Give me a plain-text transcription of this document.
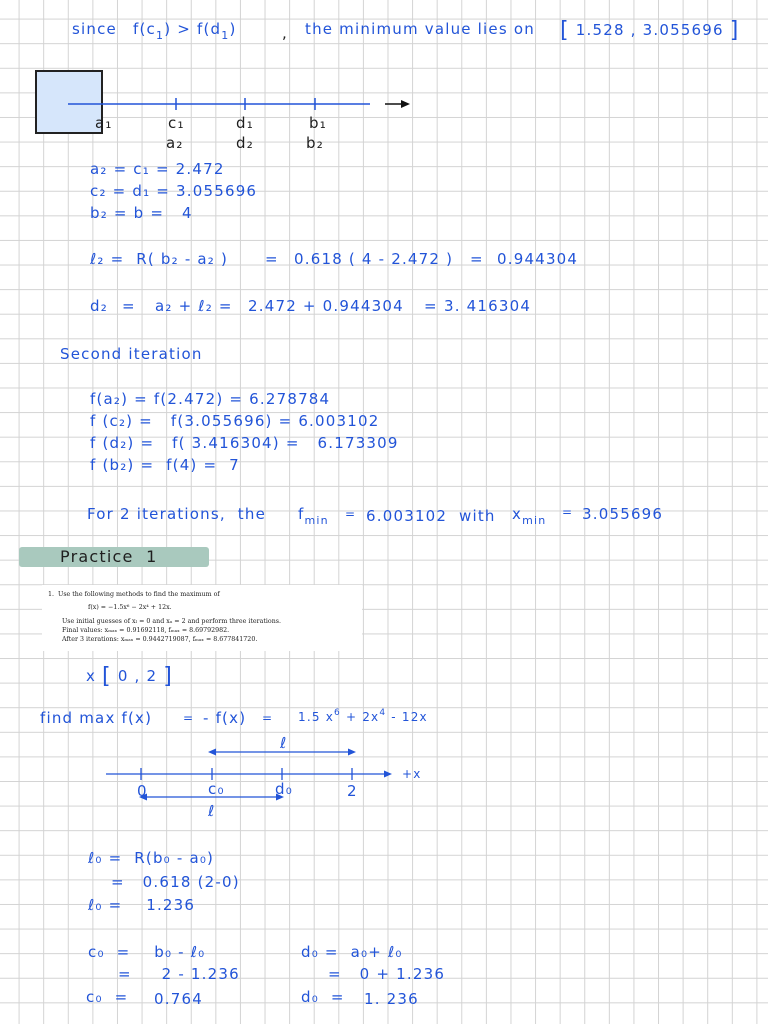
since $f(c_1) > f(d_1)$	, the minimum value lies on [ 1.528 , 3.055696 ]
a₁	c₁	d₁	b₁
a₂	d₂	b₂
a₂ = c₁ = 2.472
c₂ = d₁ = 3.055696
b₂ = b =   4
ℓ₂ =  R( b₂ - a₂ ) = 0.618 ( 4 - 2.472 ) = 0.944304
d₂ = a₂ + ℓ₂ = 2.472 + 0.944304 = 3. 416304
Second iteration
f(a₂) = f(2.472) = 6.278784
f (c₂) =   f(3.055696) = 6.003102
f (d₂) =   f( 3.416304) =   6.173309
f (b₂) =  f(4) =  7
For 2 iterations,  the $f_{min} = 6.003102$ with $x_{min}$
= 3.055696
Practice  1
1.  Use the following methods to find the maximum of
f(x) = −1.5x⁶ − 2x⁴ + 12x.
Use initial guesses of xₗ = 0 and xᵤ = 2 and perform three iterations.
Final values: xₘₐₓ = 0.91692118, fₘₐₓ = 8.69792982.
After 3 iterations: xₘₐₓ = 0.9442719087, fₘₐₓ = 8.677841720.
x [ 0 , 2 ]
find max f(x)	= - f(x) = 1.5 $x^6 + 2x^4 - 12x$
ℓ
+x
0	c₀	d₀	2
ℓ
ℓ₀ =  R(b₀ - a₀)
=   0.618 (2-0)
ℓ₀ =    1.236
c₀  =    b₀ - ℓ₀
=     2 - 1.236
c₀  = 0.764
d₀ =  a₀+ ℓ₀
=   0 + 1.236
d₀  = 1. 236
